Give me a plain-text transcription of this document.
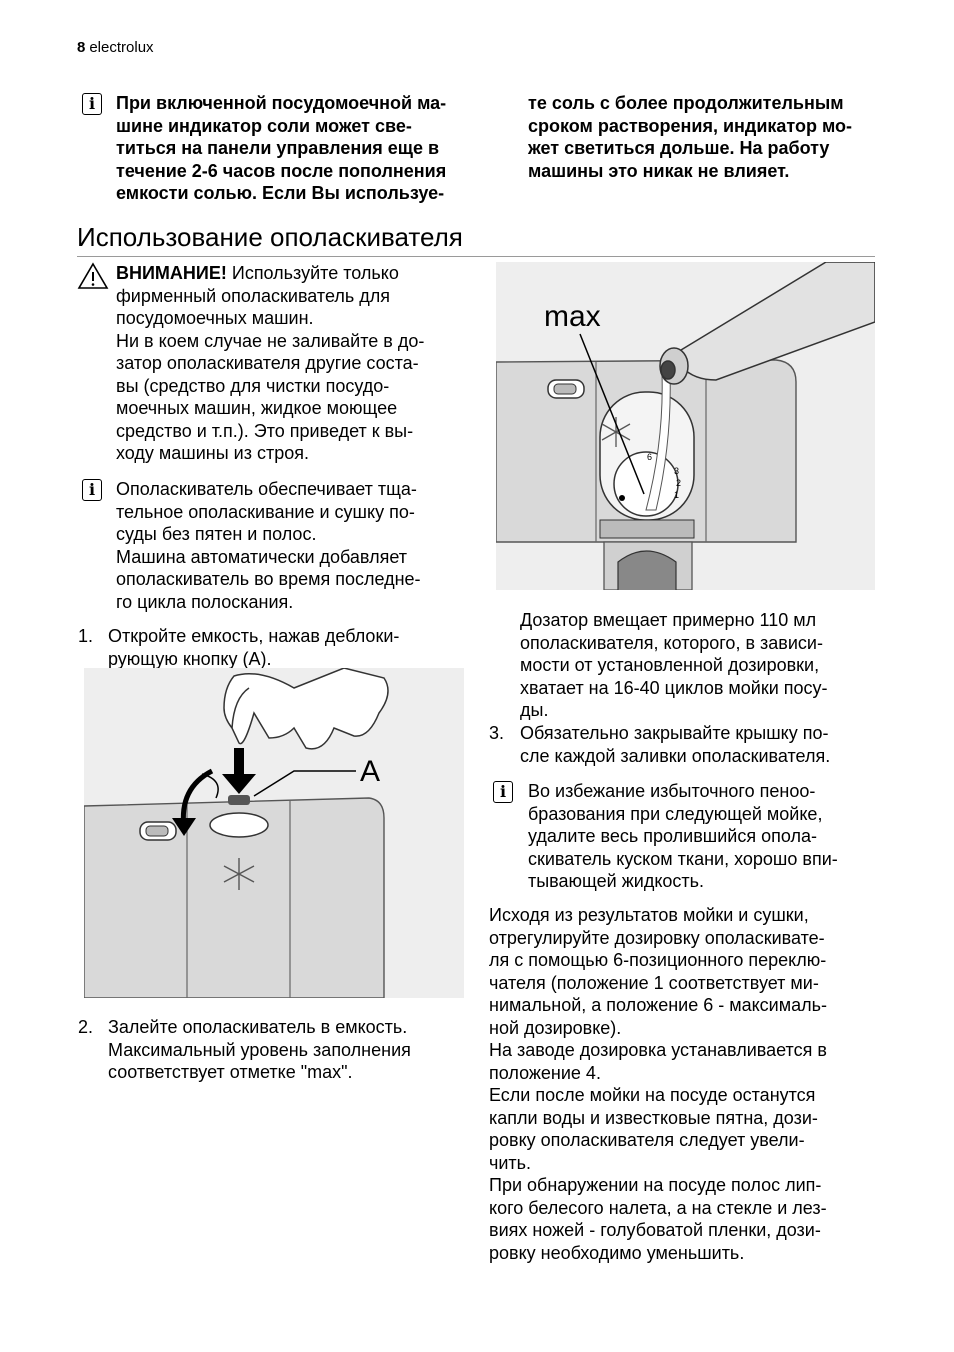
8 electrolux
i	При включенной посудомоечной ма-
шине индикатор соли может све-
титься на панели управления еще в
течение 2-6 часов после пополнения
емкости солью. Если Вы используе-
те соль с более продолжительным
сроком растворения, индикатор мо-
жет светиться дольше. На работу
машины это никак не влияет.
Использование ополаскивателя
ВНИМАНИЕ! Используйте только
фирменный ополаскиватель для
посудомоечных машин.
Ни в коем случае не заливайте в до-
затор ополаскивателя другие соста-
вы (средство для чистки посудо-
моечных машин, жидкое моющее
средство и т.п.). Это приведет к вы-
ходу машины из строя.
i	Ополаскиватель обеспечивает тща-
тельное ополаскивание и сушку по-
суды без пятен и полос.
Машина автоматически добавляет
ополаскиватель во время последне-
го цикла полоскания.
1. Откройте емкость, нажав деблоки-
рующую кнопку (A).
A
2. Залейте ополаскиватель в емкость.
Максимальный уровень заполнения
соответствует отметке "max".
6
3
2
1
max
Дозатор вмещает примерно 110 мл
ополаскивателя, которого, в зависи-
мости от установленной дозировки,
хватает на 16-40 циклов мойки посу-
ды.
3. Обязательно закрывайте крышку по-
сле каждой заливки ополаскивателя.
i	Во избежание избыточного пеноо-
бразования при следующей мойке,
удалите весь пролившийся опола-
скиватель куском ткани, хорошо впи-
тывающей жидкость.
Исходя из результатов мойки и сушки,
отрегулируйте дозировку ополаскивате-
ля с помощью 6-позиционного переклю-
чателя (положение 1 соответствует ми-
нимальной, а положение 6 - максималь-
ной дозировке).
На заводе дозировка устанавливается в
положение 4.
Если после мойки на посуде останутся
капли воды и известковые пятна, дози-
ровку ополаскивателя следует увели-
чить.
При обнаружении на посуде полос лип-
кого белесого налета, а на стекле и лез-
виях ножей - голубоватой пленки, дози-
ровку необходимо уменьшить.
